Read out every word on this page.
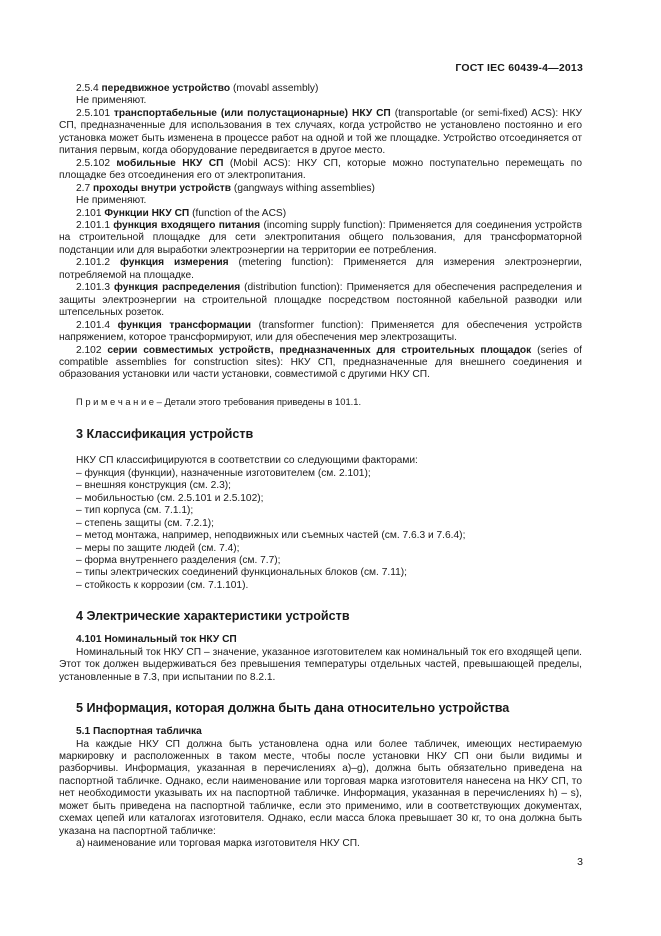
ГОСТ IEC 60439-4—2013

2.5.4 передвижное устройство (movabl assembly)

Не применяют.

2.5.101 транспортабельные (или полустационарные) НКУ СП (transportable (or semi-fixed) ACS): НКУ СП, предназначенные для использования в тех случаях, когда устройство не установлено постоянно и его установка может быть изменена в процессе работ на одной и той же площадке. Устройство отсоединяется от питания первым, когда оборудование передвигается в другое место.

2.5.102 мобильные НКУ СП (Mobil ACS): НКУ СП, которые можно поступательно перемещать по площадке без отсоединения его от электропитания.

2.7 проходы внутри устройств (gangways withing assemblies)

Не применяют.

2.101 Функции НКУ СП (function of the ACS)

2.101.1 функция входящего питания (incoming supply function): Применяется для соединения устройств на строительной площадке для сети электропитания общего пользования, для трансформаторной подстанции или для выработки электроэнергии на территории ее потребления.

2.101.2 функция измерения (metering function): Применяется для измерения электроэнергии, потребляемой на площадке.

2.101.3 функция распределения (distribution function): Применяется для обеспечения распределения и защиты электроэнергии на строительной площадке посредством постоянной кабельной разводки или штепсельных розеток.

2.101.4 функция трансформации (transformer function): Применяется для обеспечения устройств напряжением, которое трансформируют, или для обеспечения мер электрозащиты.

2.102 серии совместимых устройств, предназначенных для строительных площадок (series of compatible assemblies for construction sites): НКУ СП, предназначенные для внешнего соединения и образования установки или части установки, совместимой с другими НКУ СП.

П р и м е ч а н и е – Детали этого требования приведены в 101.1.

3 Классификация устройств

НКУ СП классифицируются в соответствии со следующими факторами:

– функция (функции), назначенные изготовителем (см. 2.101);

– внешняя конструкция (см. 2.3);

– мобильностью (см. 2.5.101 и 2.5.102);

– тип корпуса (см. 7.1.1);

– степень защиты (см. 7.2.1);

– метод монтажа, например, неподвижных или съемных частей (см. 7.6.3 и 7.6.4);

– меры по защите людей (см. 7.4);

– форма внутреннего разделения (см. 7.7);

– типы электрических соединений функциональных блоков (см. 7.11);

– стойкость к коррозии (см. 7.1.101).

4 Электрические характеристики устройств

4.101 Номинальный ток НКУ СП

Номинальный ток НКУ СП – значение, указанное изготовителем как номинальный ток его входящей цепи. Этот ток должен выдерживаться без превышения температуры отдельных частей, превышающей пределы, установленные в 7.3, при испытании по 8.2.1.

5 Информация, которая должна быть дана относительно устройства

5.1 Паспортная табличка

На каждые НКУ СП должна быть установлена одна или более табличек, имеющих нестираемую маркировку и расположенных в таком месте, чтобы после установки НКУ СП они были видимы и разборчивы. Информация, указанная в перечислениях а)–g), должна быть обязательно приведена на паспортной табличке. Однако, если наименование или торговая марка изготовителя нанесена на НКУ СП, то нет необходимости указывать их на паспортной табличке. Информация, указанная в перечислениях h) – s), может быть приведена на паспортной табличке, если это применимо, или в соответствующих документах, схемах цепей или каталогах изготовителя. Однако, если масса блока превышает 30 кг, то она должна быть указана на паспортной табличке:

а) наименование или торговая марка изготовителя НКУ СП.

3
